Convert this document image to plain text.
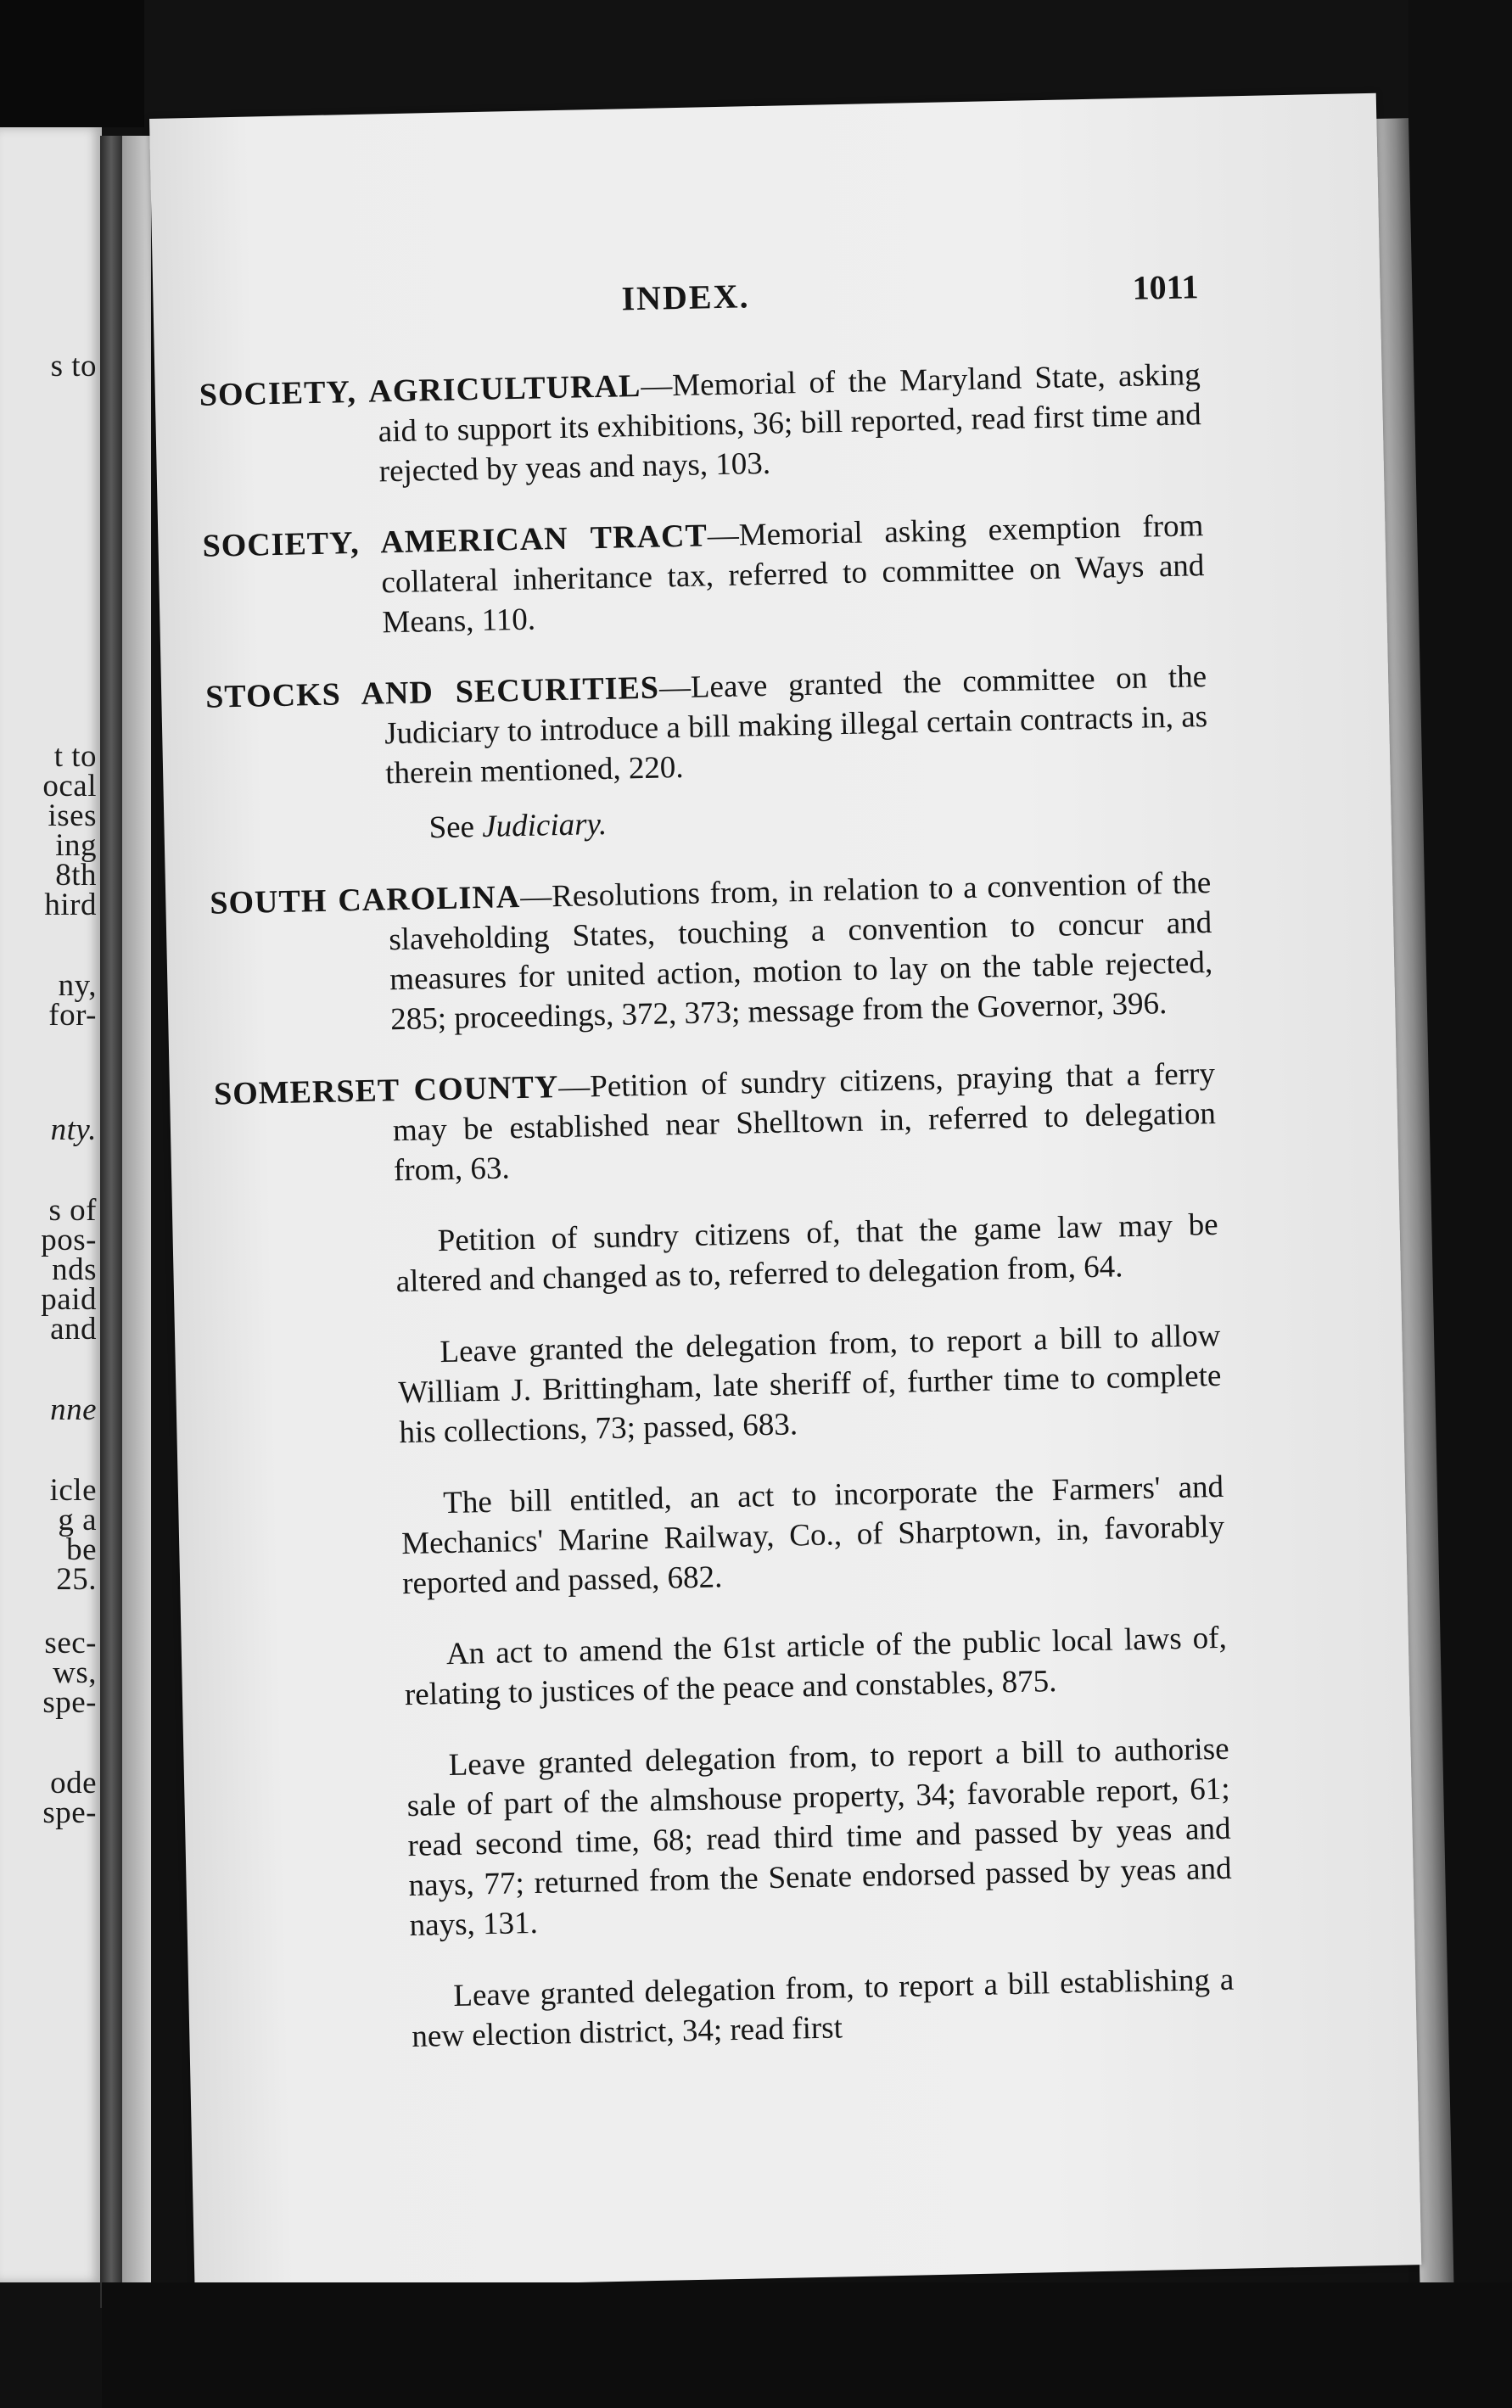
s to
t to
ocal
ises
ing
8th
hird
ny,
for-
nty.
s of
pos-
nds
paid
and
nne
icle
g a
be
25.
sec-
ws,
spe-
ode
spe-
INDEX.	1011

SOCIETY, AGRICULTURAL—Memorial of the Maryland State, asking aid to support its exhibitions, 36; bill reported, read first time and rejected by yeas and nays, 103.

SOCIETY, AMERICAN TRACT—Memorial asking exemption from collateral inheritance tax, referred to committee on Ways and Means, 110.

STOCKS AND SECURITIES—Leave granted the committee on the Judiciary to introduce a bill making illegal certain contracts in, as therein mentioned, 220.

See Judiciary.

SOUTH CAROLINA—Resolutions from, in relation to a convention of the slaveholding States, touching a convention to concur and measures for united action, motion to lay on the table rejected, 285; proceedings, 372, 373; message from the Governor, 396.

SOMERSET COUNTY—Petition of sundry citizens, praying that a ferry may be established near Shelltown in, referred to delegation from, 63.

Petition of sundry citizens of, that the game law may be altered and changed as to, referred to delegation from, 64.

Leave granted the delegation from, to report a bill to allow William J. Brittingham, late sheriff of, further time to complete his collections, 73; passed, 683.

The bill entitled, an act to incorporate the Farmers' and Mechanics' Marine Railway, Co., of Sharptown, in, favorably reported and passed, 682.

An act to amend the 61st article of the public local laws of, relating to justices of the peace and constables, 875.

Leave granted delegation from, to report a bill to authorise sale of part of the almshouse property, 34; favorable report, 61; read second time, 68; read third time and passed by yeas and nays, 77; returned from the Senate endorsed passed by yeas and nays, 131.

Leave granted delegation from, to report a bill establishing a new election district, 34; read first
